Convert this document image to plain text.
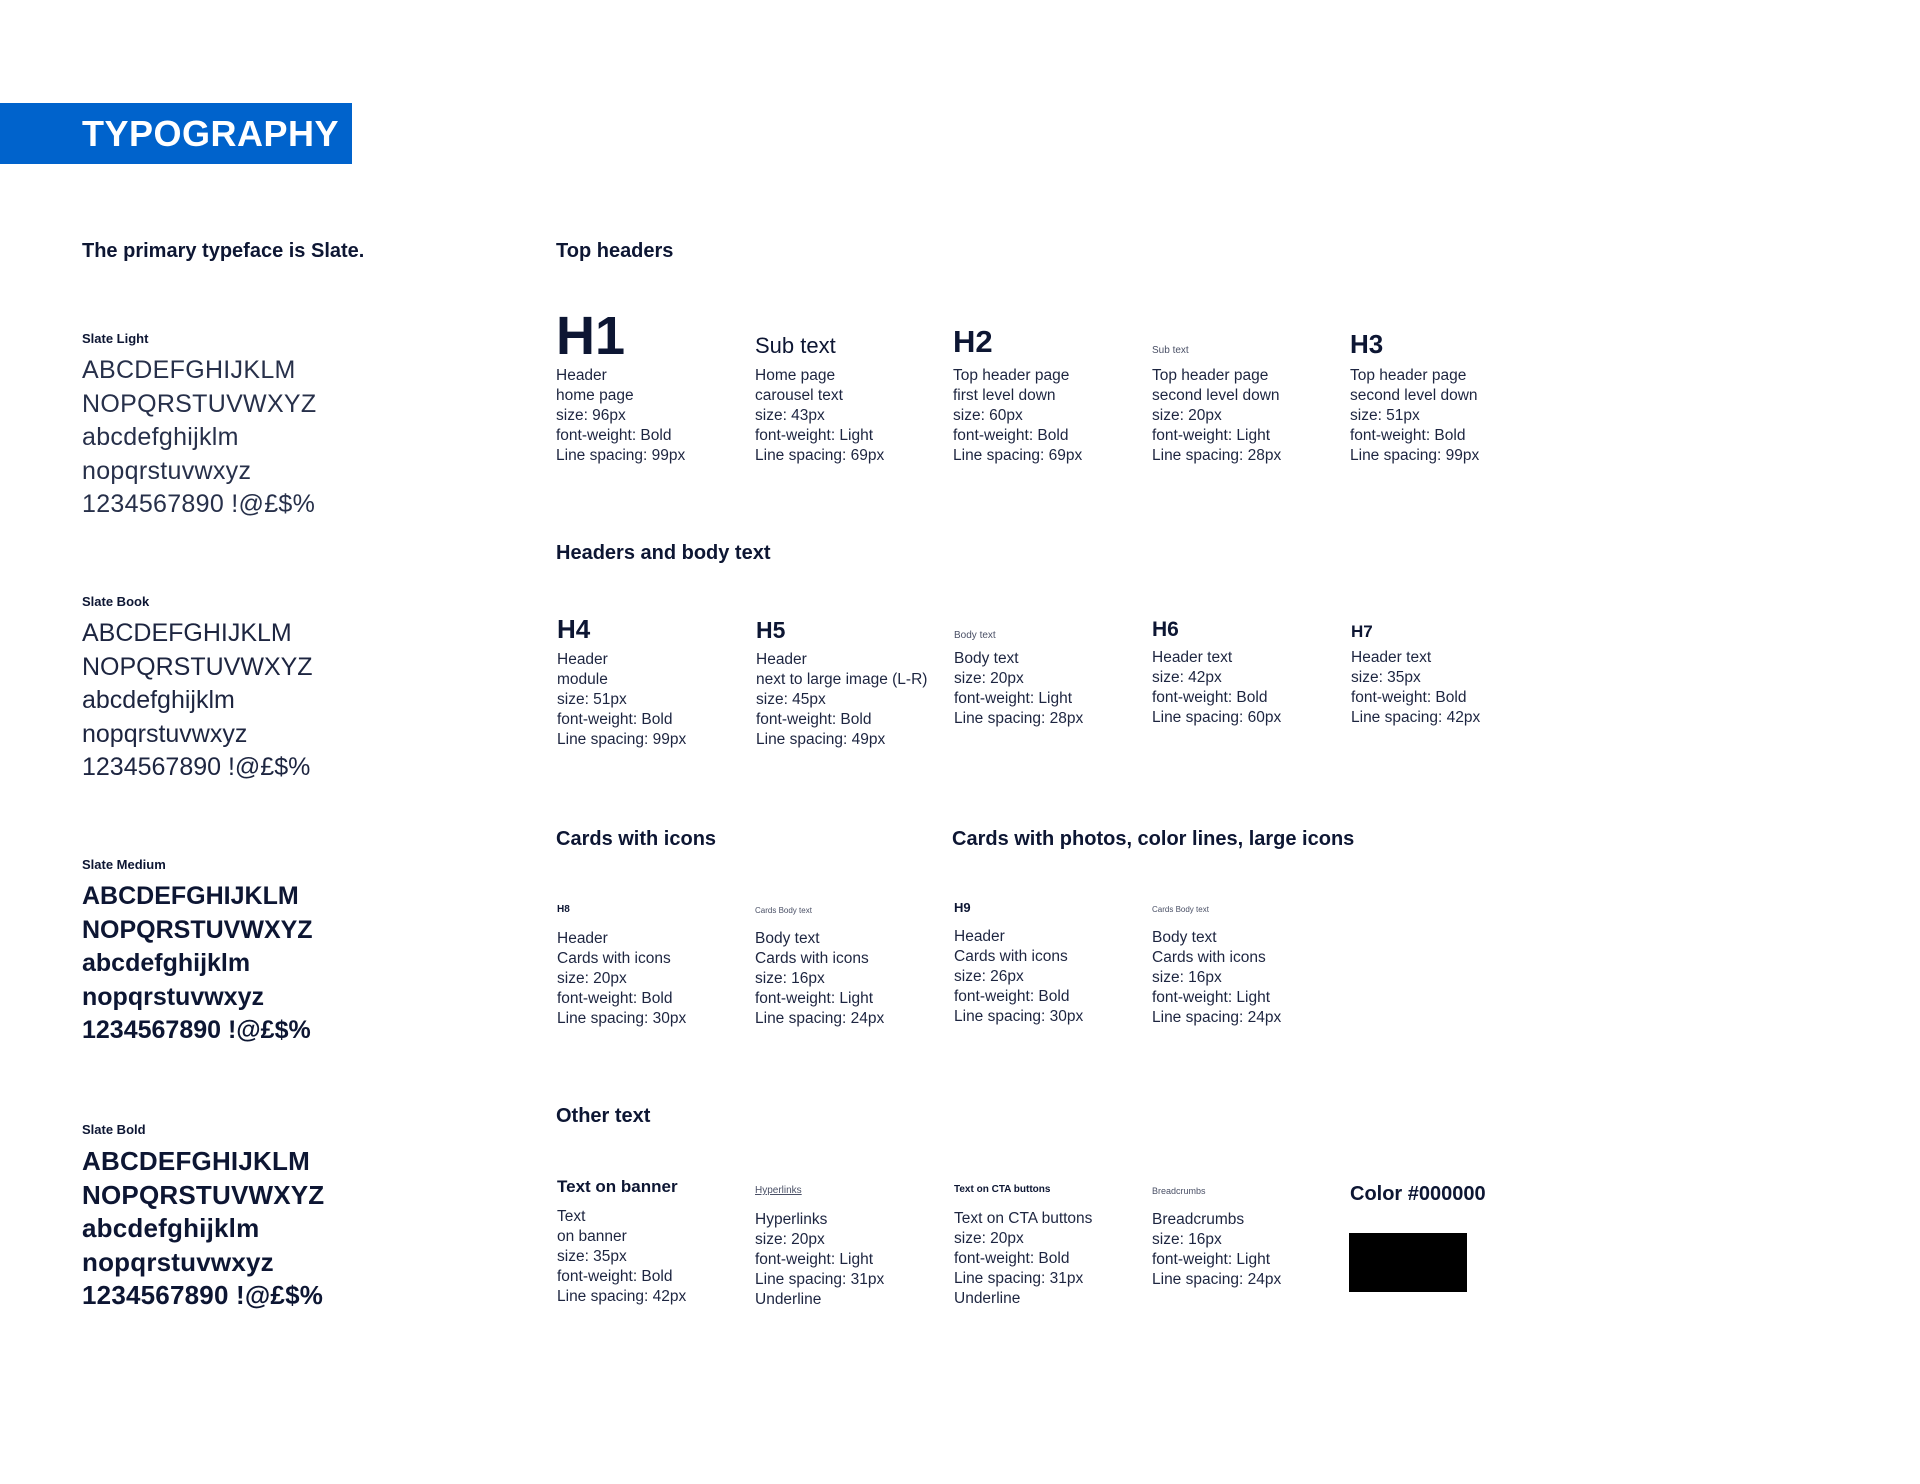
TYPOGRAPHY

The primary typeface is Slate.

Slate Light

ABCDEFGHIJKLM
NOPQRSTUVWXYZ
abcdefghijklm
nopqrstuvwxyz
1234567890 !@£$%

Slate Book

ABCDEFGHIJKLM
NOPQRSTUVWXYZ
abcdefghijklm
nopqrstuvwxyz
1234567890 !@£$%

Slate Medium

ABCDEFGHIJKLM
NOPQRSTUVWXYZ
abcdefghijklm
nopqrstuvwxyz
1234567890 !@£$%

Slate Bold

ABCDEFGHIJKLM
NOPQRSTUVWXYZ
abcdefghijklm
nopqrstuvwxyz
1234567890 !@£$%

Top headers

Headers and body text

Cards with icons	Cards with photos, color lines, large icons

Other text

H1

Header
home page
size: 96px
font-weight: Bold
Line spacing: 99px

Sub text

Home page
carousel text
size: 43px
font-weight: Light
Line spacing: 69px

H2

Top header page
first level down
size: 60px
font-weight: Bold
Line spacing: 69px

Sub text

Top header page
second level down
size: 20px
font-weight: Light
Line spacing: 28px

H3

Top header page
second level down
size: 51px
font-weight: Bold
Line spacing: 99px

H4

Header
module
size: 51px
font-weight: Bold
Line spacing: 99px

H5

Header
next to large image (L-R)
size: 45px
font-weight: Bold
Line spacing: 49px

Body text

Body text
size: 20px
font-weight: Light
Line spacing: 28px

H6

Header text
size: 42px
font-weight: Bold
Line spacing: 60px

H7

Header text
size: 35px
font-weight: Bold
Line spacing: 42px

H8

Header
Cards with icons
size: 20px
font-weight: Bold
Line spacing: 30px

Cards Body text

Body text
Cards with icons
size: 16px
font-weight: Light
Line spacing: 24px

H9

Header
Cards with icons
size: 26px
font-weight: Bold
Line spacing: 30px

Cards Body text

Body text
Cards with icons
size: 16px
font-weight: Light
Line spacing: 24px

Text on banner

Text
on banner
size: 35px
font-weight: Bold
Line spacing: 42px

Hyperlinks

Hyperlinks
size: 20px
font-weight: Light
Line spacing: 31px
Underline

Text on CTA buttons

Text on CTA buttons
size: 20px
font-weight: Bold
Line spacing: 31px
Underline

Breadcrumbs

Breadcrumbs
size: 16px
font-weight: Light
Line spacing: 24px

Color #000000
